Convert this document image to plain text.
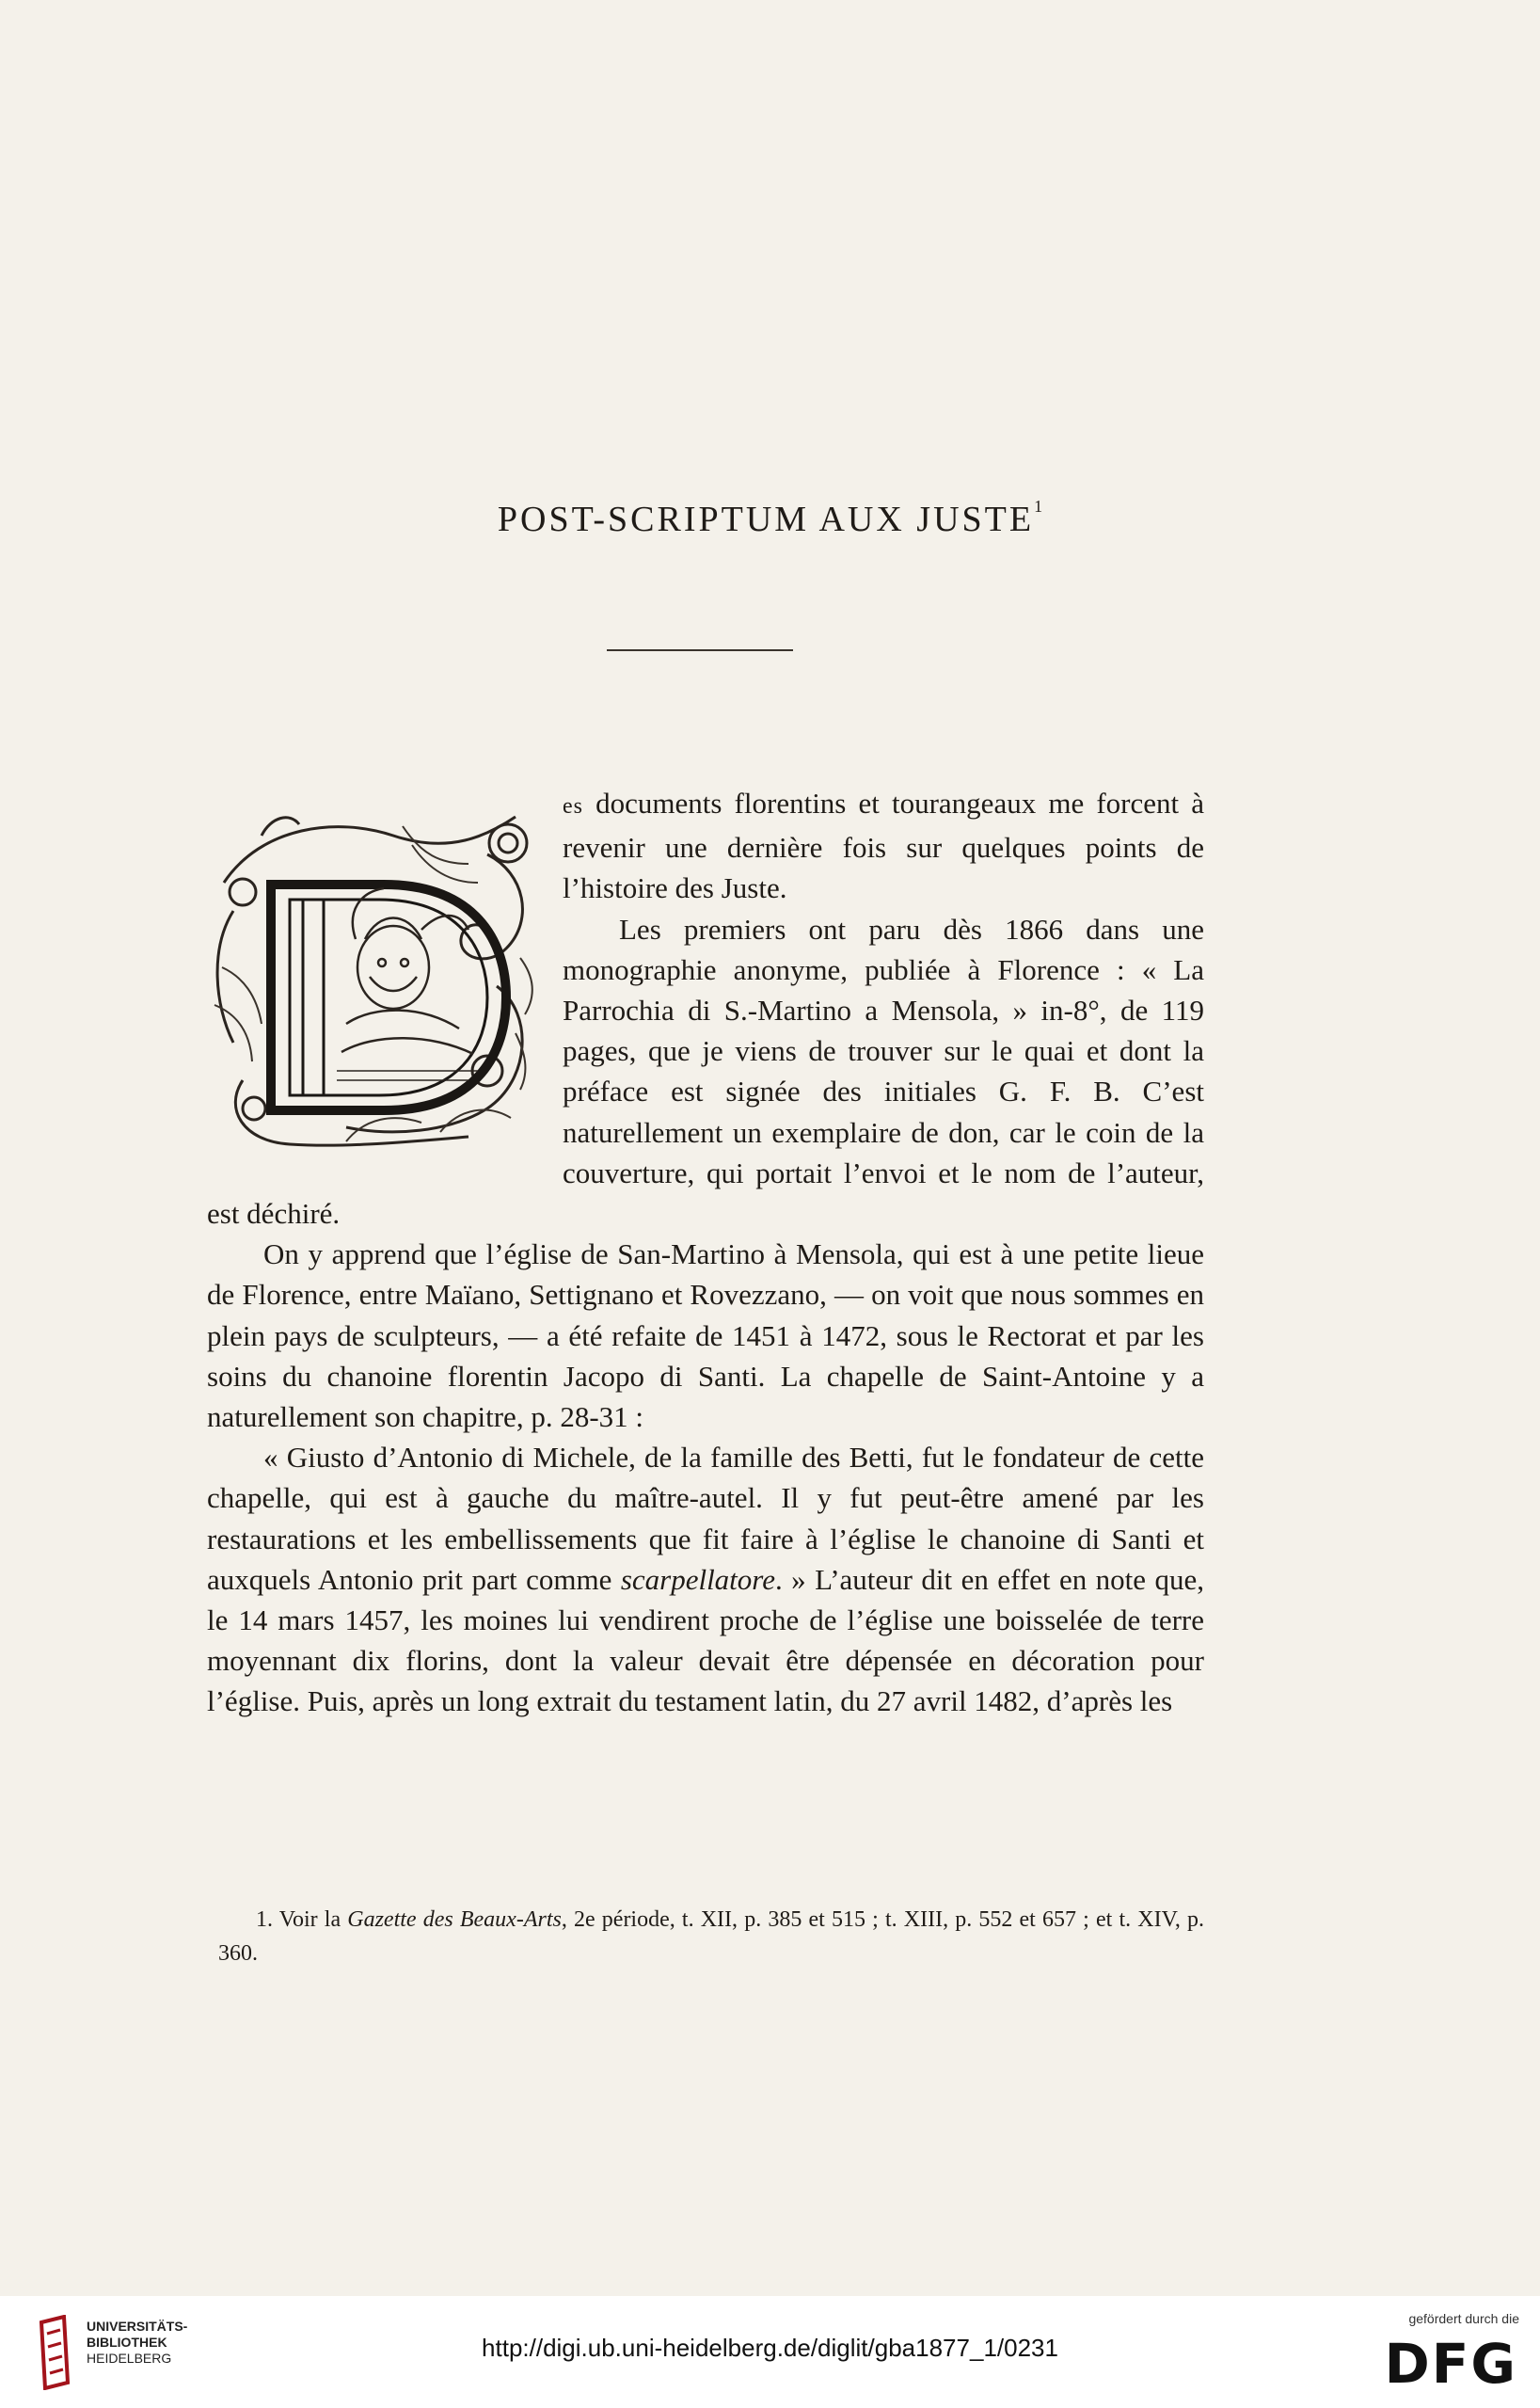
POST-SCRIPTUM AUX JUSTE$^1$

es documents florentins et tourangeaux me forcent à revenir une dernière fois sur quelques points de l’histoire des Juste.
Les premiers ont paru dès 1866 dans une monographie anonyme, publiée à Florence : « La Parrochia di S.-Martino a Mensola, » in-8°, de 119 pages, que je viens de trouver sur le quai et dont la préface est signée des initiales G. F. B. C’est naturellement un exemplaire de don, car le coin de la couverture, qui portait l’envoi et le nom de l’auteur, est déchiré.

On y apprend que l’église de San-Martino à Mensola, qui est à une petite lieue de Florence, entre Maïano, Settignano et Rovezzano, — on voit que nous sommes en plein pays de sculpteurs, — a été refaite de 1451 à 1472, sous le Rectorat et par les soins du chanoine florentin Jacopo di Santi. La chapelle de Saint-Antoine y a naturellement son chapitre, p. 28-31 :

« Giusto d’Antonio di Michele, de la famille des Betti, fut le fondateur de cette chapelle, qui est à gauche du maître-autel. Il y fut peut-être amené par les restaurations et les embellissements que fit faire à l’église le chanoine di Santi et auxquels Antonio prit part comme scarpellatore. » L’auteur dit en effet en note que, le 14 mars 1457, les moines lui vendirent proche de l’église une boisselée de terre moyennant dix florins, dont la valeur devait être dépensée en décoration pour l’église. Puis, après un long extrait du testament latin, du 27 avril 1482, d’après les

1. Voir la Gazette des Beaux-Arts, 2e période, t. XII, p. 385 et 515 ; t. XIII, p. 552 et 657 ; et t. XIV, p. 360.

UNIVERSITÄTS-
BIBLIOTHEK
HEIDELBERG	http://digi.ub.uni-heidelberg.de/diglit/gba1877_1/0231
gefördert durch die
DFG
